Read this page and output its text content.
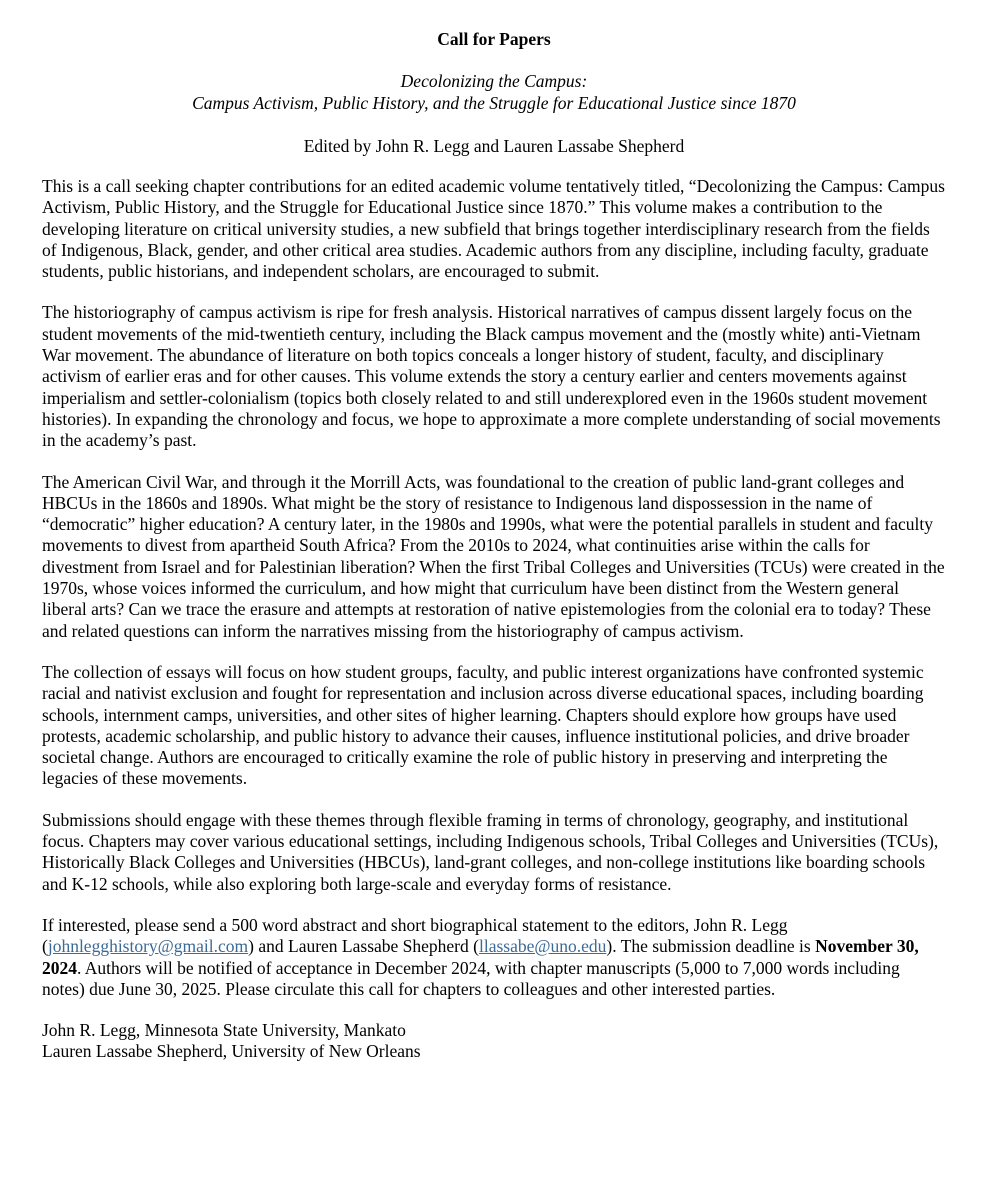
Call for Papers
Decolonizing the Campus:
Campus Activism, Public History, and the Struggle for Educational Justice since 1870
Edited by John R. Legg and Lauren Lassabe Shepherd

This is a call seeking chapter contributions for an edited academic volume tentatively titled, “Decolonizing the Campus: Campus Activism, Public History, and the Struggle for Educational Justice since 1870.” This volume makes a contribution to the developing literature on critical university studies, a new subfield that brings together interdisciplinary research from the fields of Indigenous, Black, gender, and other critical area studies. Academic authors from any discipline, including faculty, graduate students, public historians, and independent scholars, are encouraged to submit.

The historiography of campus activism is ripe for fresh analysis. Historical narratives of campus dissent largely focus on the student movements of the mid-twentieth century, including the Black campus movement and the (mostly white) anti-Vietnam War movement. The abundance of literature on both topics conceals a longer history of student, faculty, and disciplinary activism of earlier eras and for other causes. This volume extends the story a century earlier and centers movements against imperialism and settler-colonialism (topics both closely related to and still underexplored even in the 1960s student movement histories). In expanding the chronology and focus, we hope to approximate a more complete understanding of social movements in the academy’s past.

The American Civil War, and through it the Morrill Acts, was foundational to the creation of public land-grant colleges and HBCUs in the 1860s and 1890s. What might be the story of resistance to Indigenous land dispossession in the name of “democratic” higher education? A century later, in the 1980s and 1990s, what were the potential parallels in student and faculty movements to divest from apartheid South Africa? From the 2010s to 2024, what continuities arise within the calls for divestment from Israel and for Palestinian liberation? When the first Tribal Colleges and Universities (TCUs) were created in the 1970s, whose voices informed the curriculum, and how might that curriculum have been distinct from the Western general liberal arts? Can we trace the erasure and attempts at restoration of native epistemologies from the colonial era to today? These and related questions can inform the narratives missing from the historiography of campus activism.

The collection of essays will focus on how student groups, faculty, and public interest organizations have confronted systemic racial and nativist exclusion and fought for representation and inclusion across diverse educational spaces, including boarding schools, internment camps, universities, and other sites of higher learning. Chapters should explore how groups have used protests, academic scholarship, and public history to advance their causes, influence institutional policies, and drive broader societal change. Authors are encouraged to critically examine the role of public history in preserving and interpreting the legacies of these movements.

Submissions should engage with these themes through flexible framing in terms of chronology, geography, and institutional focus. Chapters may cover various educational settings, including Indigenous schools, Tribal Colleges and Universities (TCUs), Historically Black Colleges and Universities (HBCUs), land-grant colleges, and non-college institutions like boarding schools and K-12 schools, while also exploring both large-scale and everyday forms of resistance.

If interested, please send a 500 word abstract and short biographical statement to the editors, John R. Legg (johnlegghistory@gmail.com) and Lauren Lassabe Shepherd (llassabe@uno.edu). The submission deadline is November 30, 2024. Authors will be notified of acceptance in December 2024, with chapter manuscripts (5,000 to 7,000 words including notes) due June 30, 2025. Please circulate this call for chapters to colleagues and other interested parties.

John R. Legg, Minnesota State University, Mankato
Lauren Lassabe Shepherd, University of New Orleans
